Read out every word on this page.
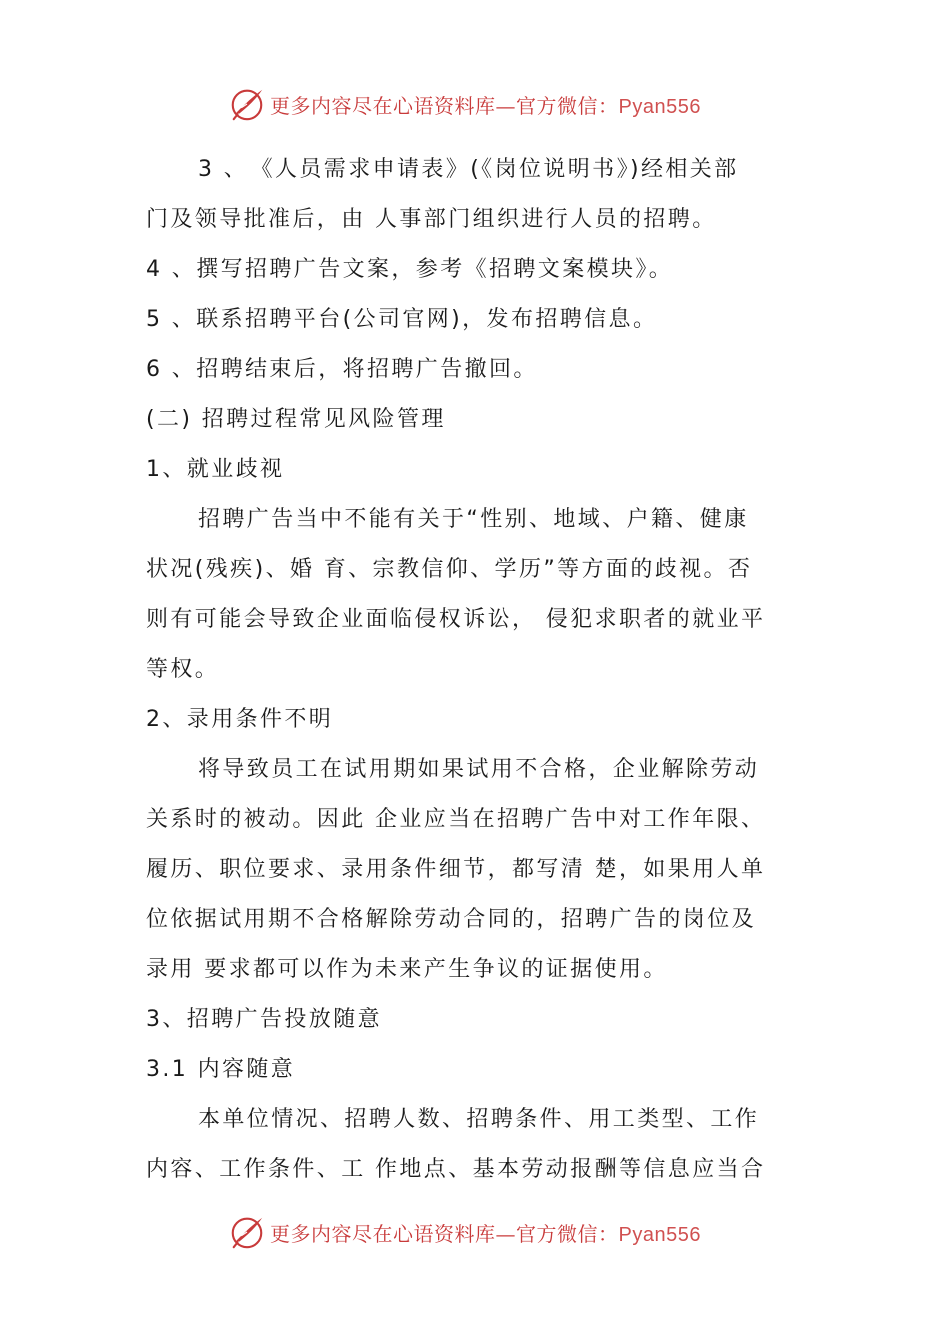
更多内容尽在心语资料库—官方微信：Pyan556
3 、　《人员需求申请表》(《岗位说明书》)经相关部
门及领导批准后，由 人事部门组织进行人员的招聘。
4 、撰写招聘广告文案，参考《招聘文案模块》。
5 、联系招聘平台(公司官网)，发布招聘信息。
6 、招聘结束后，将招聘广告撤回。
(二) 招聘过程常见风险管理
1、就业歧视
招聘广告当中不能有关于“性别、地域、户籍、健康
状况(残疾)、婚 育、宗教信仰、学历”等方面的歧视。否
则有可能会导致企业面临侵权诉讼， 侵犯求职者的就业平
等权。
2、录用条件不明
将导致员工在试用期如果试用不合格，企业解除劳动
关系时的被动。因此 企业应当在招聘广告中对工作年限、
履历、职位要求、录用条件细节，都写清 楚，如果用人单
位依据试用期不合格解除劳动合同的，招聘广告的岗位及
录用 要求都可以作为未来产生争议的证据使用。
3、招聘广告投放随意
3.1 内容随意
本单位情况、招聘人数、招聘条件、用工类型、工作
内容、工作条件、工 作地点、基本劳动报酬等信息应当合
更多内容尽在心语资料库—官方微信：Pyan556
